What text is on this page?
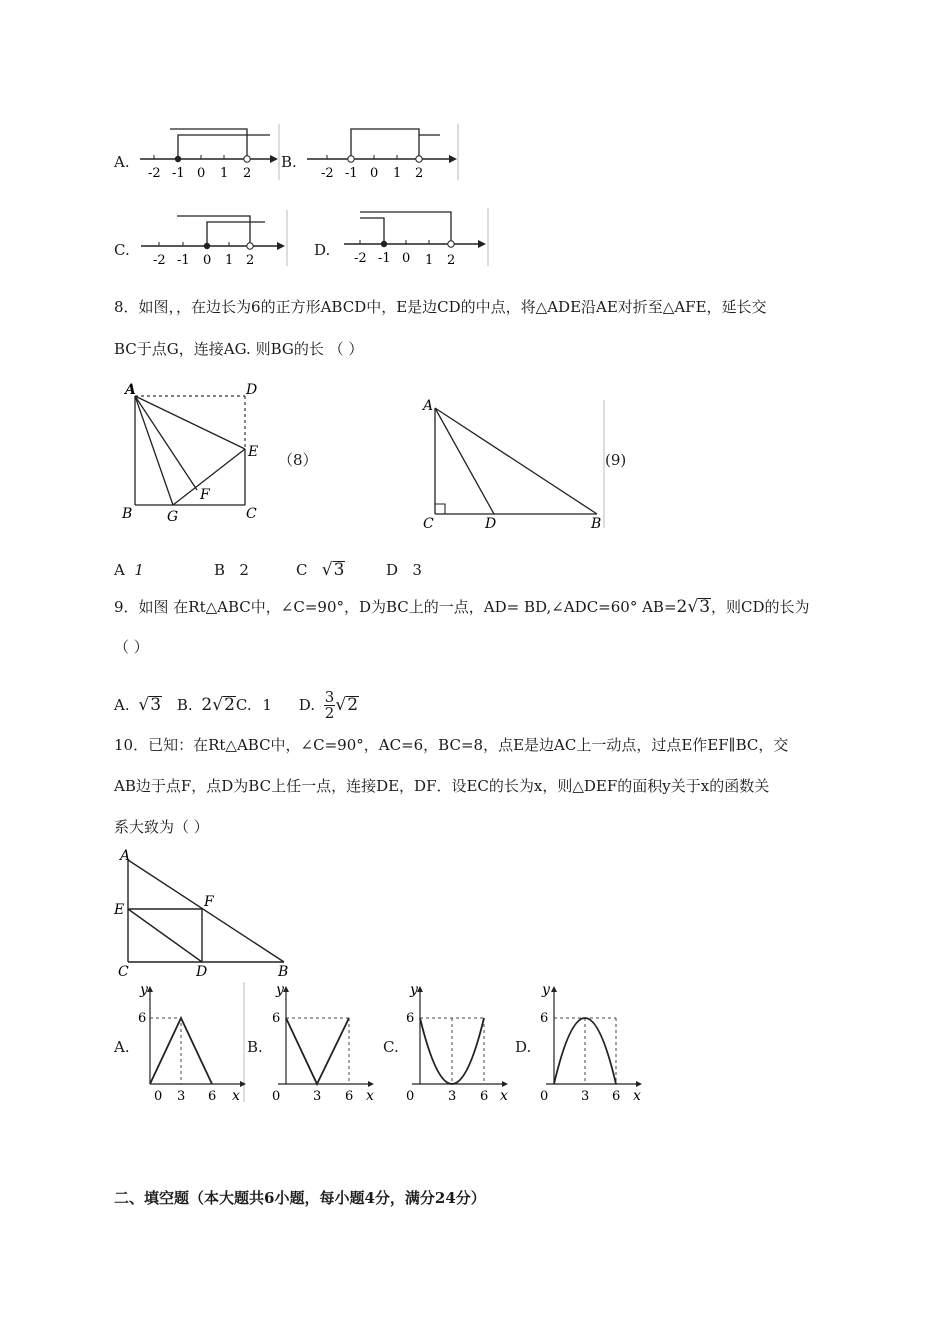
A.
-2 -1 0 1 2
B.
-2 -1 0 1 2
C.
-2 -1 0 1 2
D. -2 -1 0 1 2
8．如图，，在边长为6的正方形ABCD中，E是边CD的中点，将△ADE沿AE对折至△AFE，延长交
BC于点G，连接AG. 则BG的长 （ ）
A	D
E
F
B G	C
（8）
A
C	D	B
(9)
A 1	B 2	C √3	D 3
9．如图 在Rt△ABC中，∠C=90°，D为BC上的一点，AD= BD,∠ADC=60° AB=2√3，则CD的长为
（ ）
A. √3 B. 2√2C. 1 D. $\frac{3}{2} √2$
10．已知：在Rt△ABC中，∠C=90°，AC=6，BC=8，点E是边AC上一动点，过点E作EF∥BC，交
AB边于点F，点D为BC上任一点，连接DE，DF．设EC的长为x，则△DEF的面积y关于x的函数关
系大致为（ ）
A
E	F
C	D	B
A.
y
6
0 3 6 x
B.
y
6
0	3 6 x
C.
y
6
0	3 6 x
D.
y
6
0	3 6 x
二、填空题（本大题共6小题，每小题4分，满分24分）
